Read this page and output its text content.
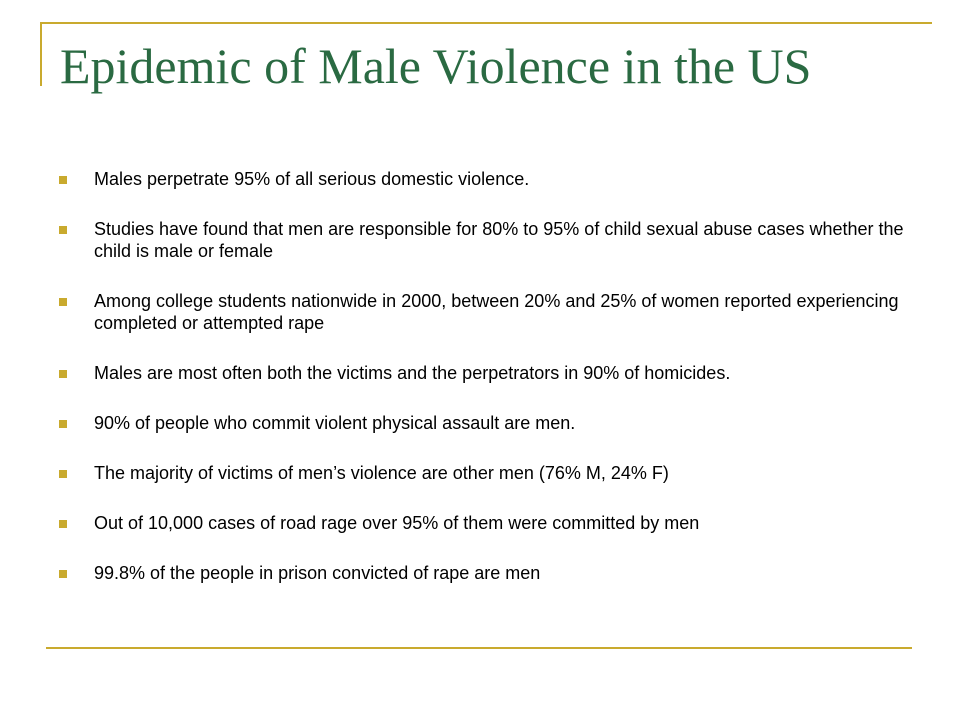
Epidemic of Male Violence in the US
Males perpetrate 95% of all serious domestic violence.
Studies have found that men are responsible for 80% to 95% of child sexual abuse cases whether the child is male or female
Among college students nationwide in 2000, between 20% and 25% of women reported experiencing completed or attempted rape
Males are most often both the victims and the perpetrators in 90% of homicides.
90% of people who commit violent physical assault are men.
The majority of victims of men’s violence are other men (76% M, 24% F)
Out of 10,000 cases of road rage over 95% of them were committed by men
99.8% of the people in prison convicted of rape are men
